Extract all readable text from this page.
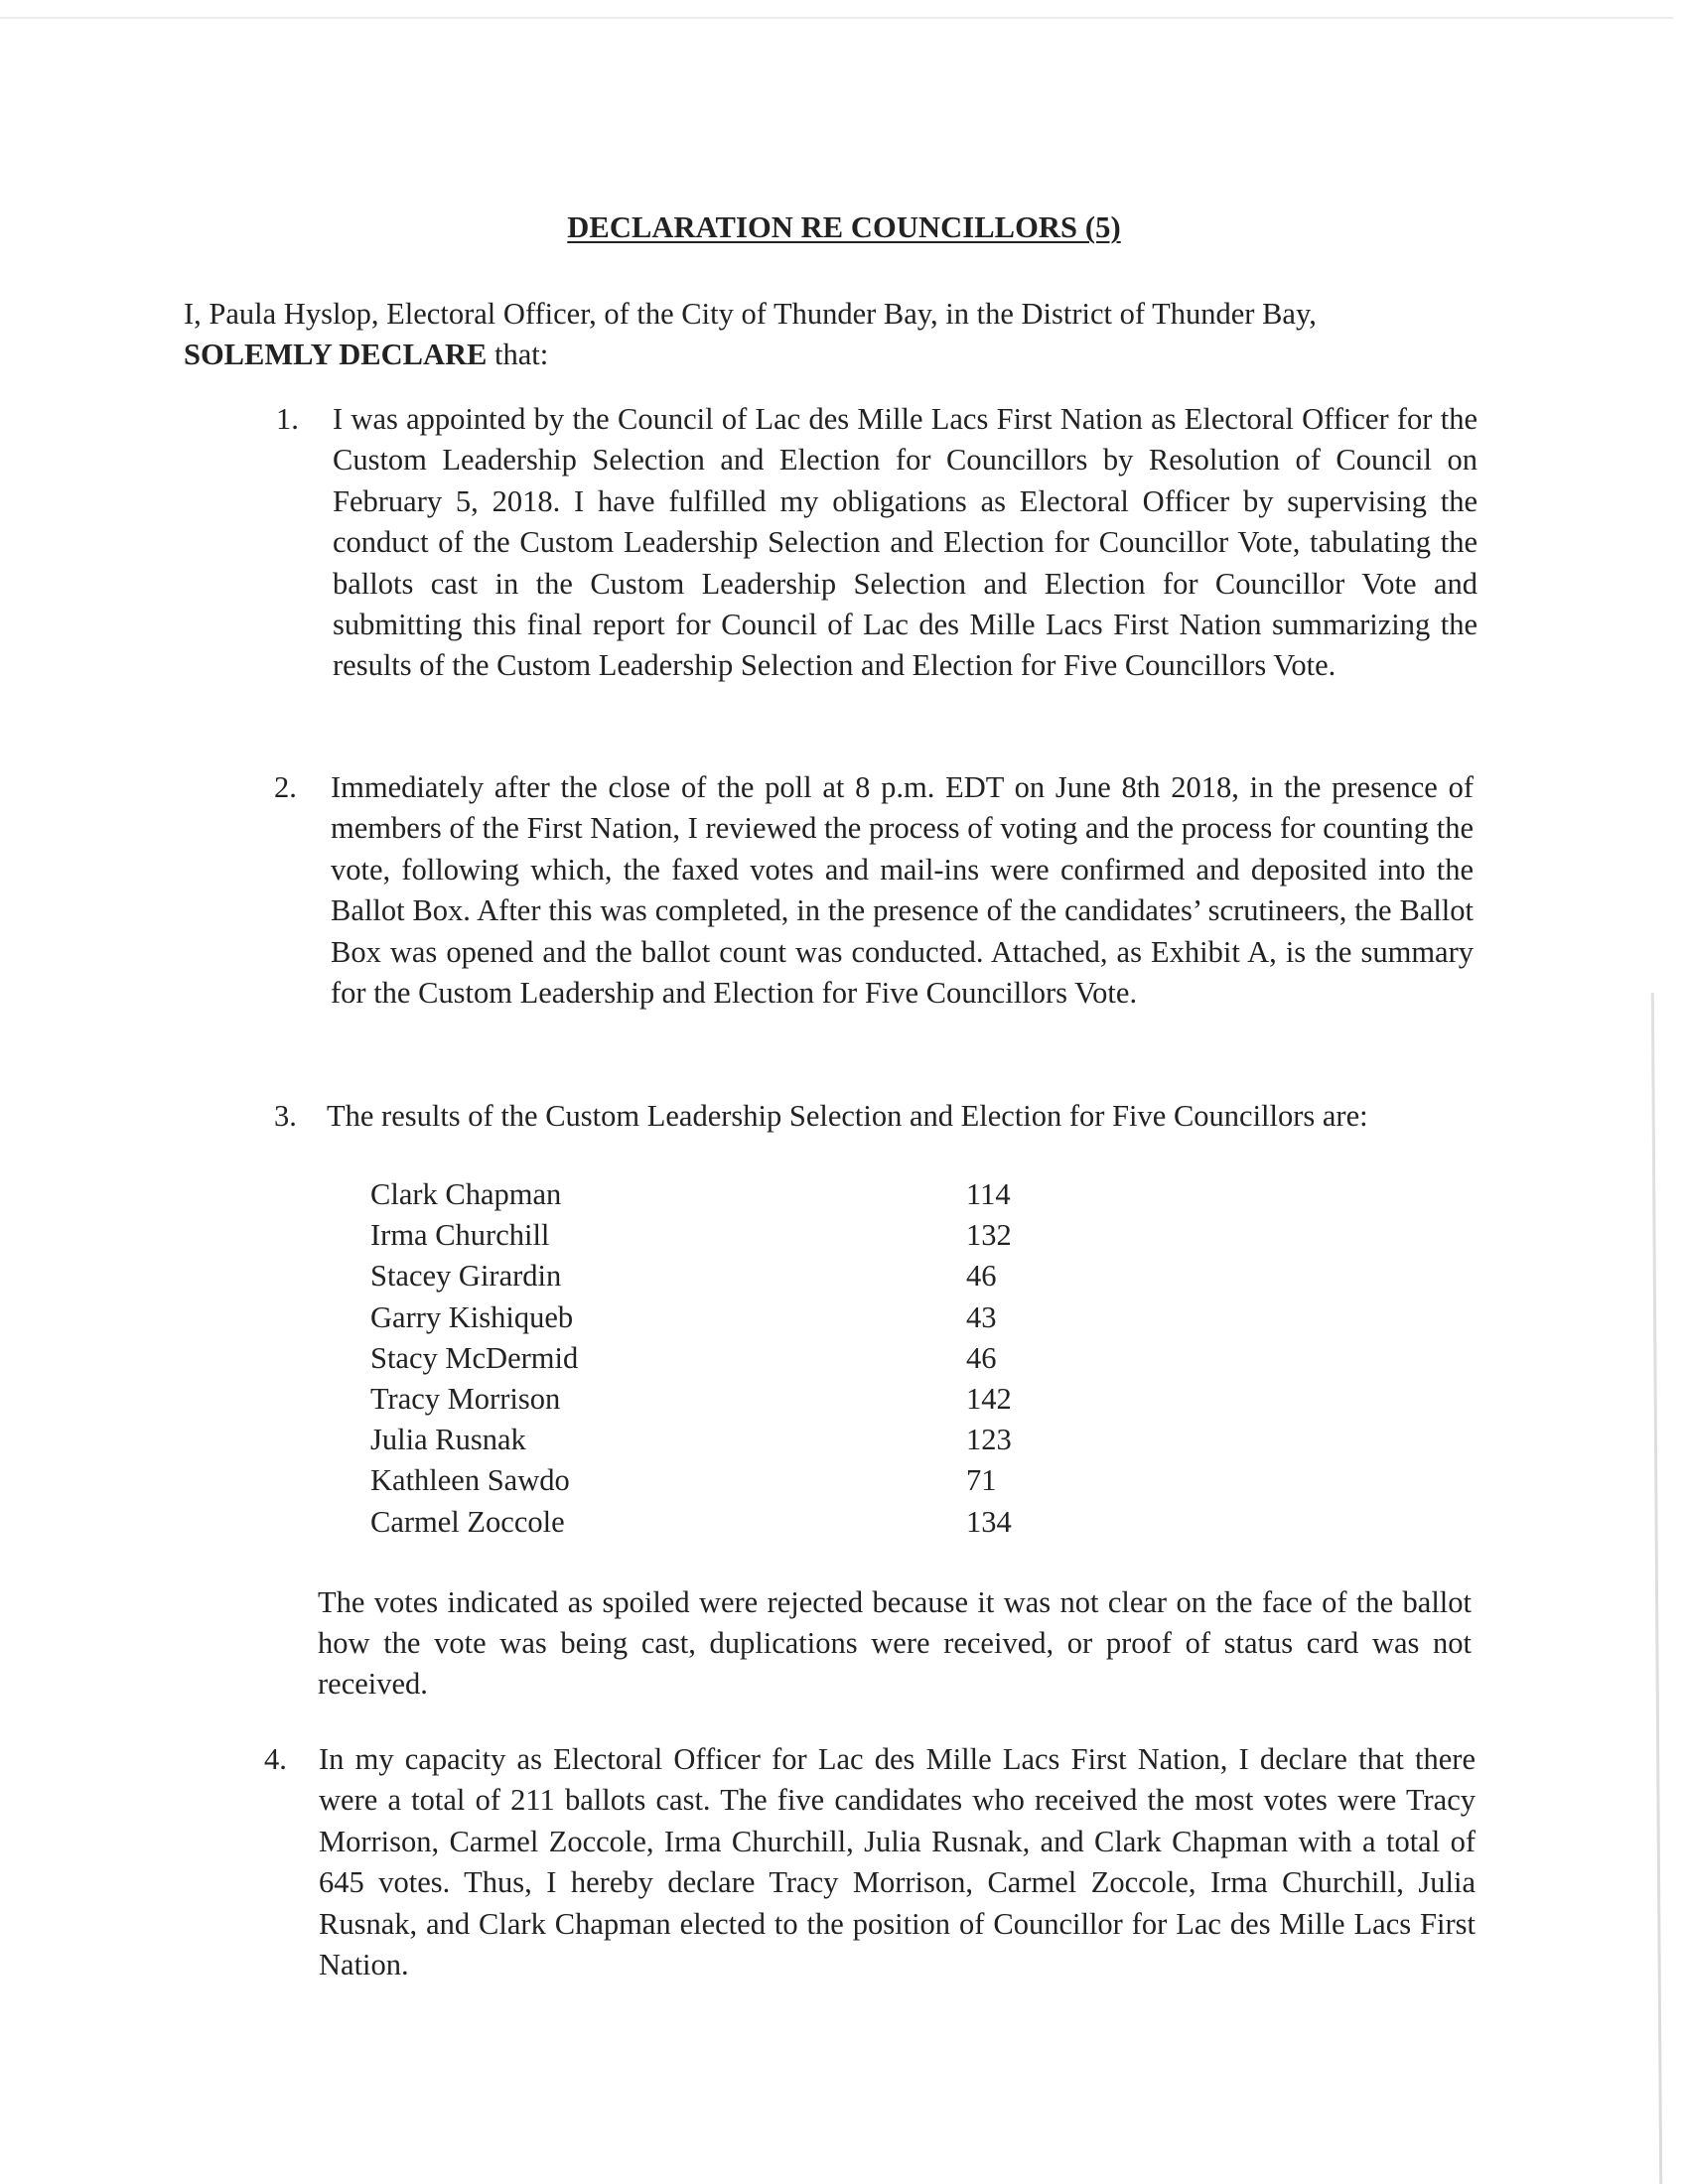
DECLARATION RE COUNCILLORS (5)
I, Paula Hyslop, Electoral Officer, of the City of Thunder Bay, in the District of Thunder Bay,
SOLEMLY DECLARE that:
1.	I was appointed by the Council of Lac des Mille Lacs First Nation as Electoral Officer for the Custom Leadership Selection and Election for Councillors by Resolution of Council on February 5, 2018. I have fulfilled my obligations as Electoral Officer by supervising the conduct of the Custom Leadership Selection and Election for Councillor Vote, tabulating the ballots cast in the Custom Leadership Selection and Election for Councillor Vote and submitting this final report for Council of Lac des Mille Lacs First Nation summarizing the results of the Custom Leadership Selection and Election for Five Councillors Vote.
2.	Immediately after the close of the poll at 8 p.m. EDT on June 8th 2018, in the presence of members of the First Nation, I reviewed the process of voting and the process for counting the vote, following which, the faxed votes and mail-ins were confirmed and deposited into the Ballot Box. After this was completed, in the presence of the candidates’ scrutineers, the Ballot Box was opened and the ballot count was conducted. Attached, as Exhibit A, is the summary for the Custom Leadership and Election for Five Councillors Vote.
3. The results of the Custom Leadership Selection and Election for Five Councillors are:
Clark Chapman	114
Irma Churchill	132
Stacey Girardin	46
Garry Kishiqueb	43
Stacy McDermid	46
Tracy Morrison	142
Julia Rusnak	123
Kathleen Sawdo	71
Carmel Zoccole	134
The votes indicated as spoiled were rejected because it was not clear on the face of the ballot how the vote was being cast, duplications were received, or proof of status card was not received.
4.	In my capacity as Electoral Officer for Lac des Mille Lacs First Nation, I declare that there were a total of 211 ballots cast. The five candidates who received the most votes were Tracy Morrison, Carmel Zoccole, Irma Churchill, Julia Rusnak, and Clark Chapman with a total of 645 votes. Thus, I hereby declare Tracy Morrison, Carmel Zoccole, Irma Churchill, Julia Rusnak, and Clark Chapman elected to the position of Councillor for Lac des Mille Lacs First Nation.
